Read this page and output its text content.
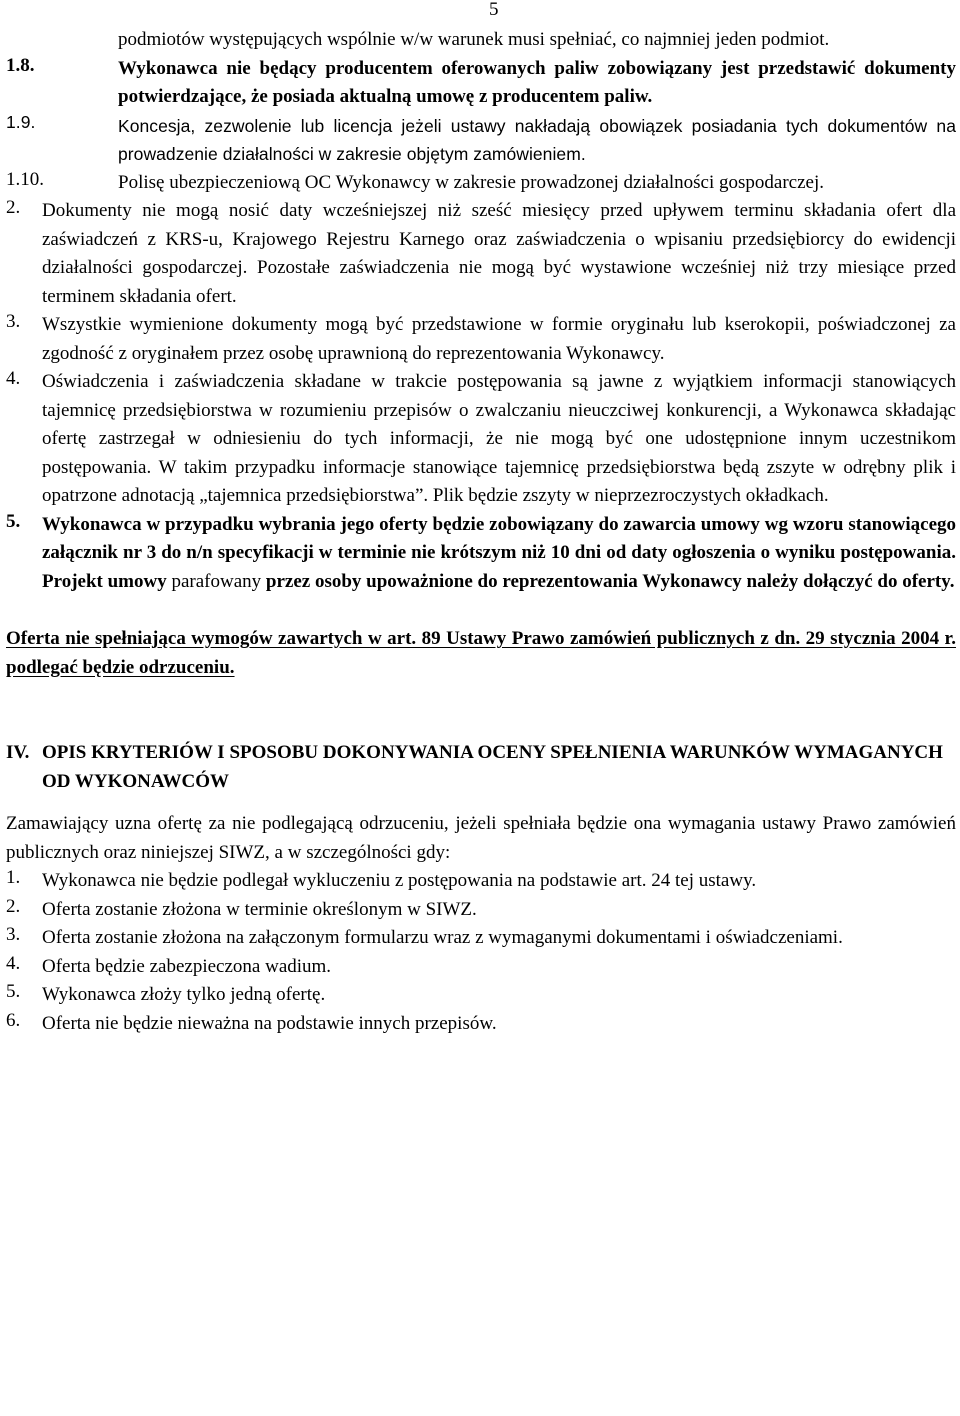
5

podmiotów występujących wspólnie w/w warunek musi spełniać, co najmniej jeden podmiot.

1.8.	Wykonawca nie będący producentem oferowanych paliw zobowiązany jest przedstawić dokumenty potwierdzające, że posiada aktualną umowę z producentem paliw.

1.9.	Koncesja, zezwolenie lub licencja jeżeli ustawy nakładają obowiązek posiadania tych dokumentów na prowadzenie działalności w zakresie objętym zamówieniem.

1.10.	Polisę ubezpieczeniową OC Wykonawcy w zakresie prowadzonej działalności gospodarczej.

2.	Dokumenty nie mogą nosić daty wcześniejszej niż sześć miesięcy przed upływem terminu składania ofert dla zaświadczeń z KRS-u, Krajowego Rejestru Karnego oraz zaświadczenia o wpisaniu przedsiębiorcy do ewidencji działalności gospodarczej. Pozostałe zaświadczenia nie mogą być wystawione wcześniej niż trzy miesiące przed terminem składania ofert.

3.	Wszystkie wymienione dokumenty mogą być przedstawione w formie oryginału lub kserokopii, poświadczonej za zgodność z oryginałem przez osobę uprawnioną do reprezentowania Wykonawcy.

4.	Oświadczenia i zaświadczenia składane w trakcie postępowania są jawne z wyjątkiem informacji stanowiących tajemnicę przedsiębiorstwa w rozumieniu przepisów o zwalczaniu nieuczciwej konkurencji, a Wykonawca składając ofertę zastrzegał w odniesieniu do tych informacji, że nie mogą być one udostępnione innym uczestnikom postępowania. W takim przypadku informacje stanowiące tajemnicę przedsiębiorstwa będą zszyte w odrębny plik i opatrzone adnotacją „tajemnica przedsiębiorstwa”. Plik będzie zszyty w nieprzezroczystych okładkach.

5.	Wykonawca w przypadku wybrania jego oferty będzie zobowiązany do zawarcia umowy wg wzoru stanowiącego załącznik nr 3 do n/n specyfikacji w terminie nie krótszym niż 10 dni od daty ogłoszenia o wyniku postępowania. Projekt umowy parafowany przez osoby upoważnione do reprezentowania Wykonawcy należy dołączyć do oferty.

Oferta nie spełniająca wymogów zawartych w art. 89 Ustawy Prawo zamówień publicznych z dn. 29 stycznia 2004 r. podlegać będzie odrzuceniu.

IV. OPIS KRYTERIÓW I SPOSOBU DOKONYWANIA OCENY SPEŁNIENIA WARUNKÓW WYMAGANYCH OD WYKONAWCÓW

Zamawiający uzna ofertę za nie podlegającą odrzuceniu, jeżeli spełniała będzie ona wymagania ustawy Prawo zamówień publicznych oraz niniejszej SIWZ, a w szczególności gdy:

1.	Wykonawca nie będzie podlegał wykluczeniu z postępowania na podstawie art. 24 tej ustawy.

2.	Oferta zostanie złożona w terminie określonym w SIWZ.

3.	Oferta zostanie złożona na załączonym formularzu wraz z wymaganymi dokumentami i oświadczeniami.

4.	Oferta będzie zabezpieczona wadium.

5.	Wykonawca złoży tylko jedną ofertę.

6.	Oferta nie będzie nieważna na podstawie innych przepisów.
